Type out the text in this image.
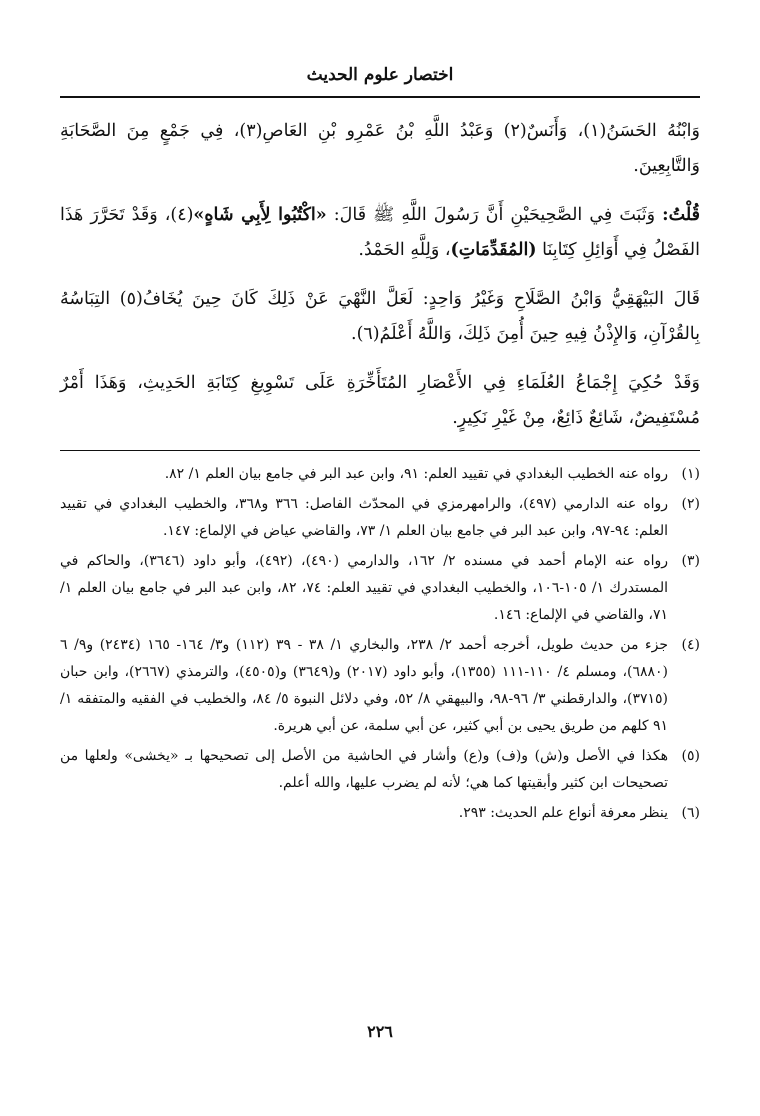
اختصار علوم الحديث

وَابْنُهُ الحَسَنُ(١)، وَأَنَسٌ(٢) وَعَبْدُ اللَّهِ بْنُ عَمْرِو بْنِ العَاصِ(٣)، فِي جَمْعٍ مِنَ الصَّحَابَةِ وَالتَّابِعِينَ.

قُلْتُ: وَثَبَتَ فِي الصَّحِيحَيْنِ أَنَّ رَسُولَ اللَّهِ ﷺ قَالَ: «اكْتُبُوا لِأَبِي شَاهٍ»(٤)، وَقَدْ تَحَرَّرَ هَذَا الفَصْلُ فِي أَوَائِلِ كِتَابِنَا (المُقَدِّمَاتِ)، وَلِلَّهِ الحَمْدُ.

قَالَ البَيْهَقِيُّ وَابْنُ الصَّلَاحِ وَغَيْرُ وَاحِدٍ: لَعَلَّ النَّهْيَ عَنْ ذَلِكَ كَانَ حِينَ يُخَافُ(٥) التِبَاسُهُ بِالقُرْآنِ، وَالإِذْنُ فِيهِ حِينَ أُمِنَ ذَلِكَ، وَاللَّهُ أَعْلَمُ(٦).

وَقَدْ حُكِيَ إِجْمَاعُ العُلَمَاءِ فِي الأَعْصَارِ المُتَأَخِّرَةِ عَلَى تَسْوِيغِ كِتَابَةِ الحَدِيثِ، وَهَذَا أَمْرٌ مُسْتَفِيضٌ، شَائِعٌ ذَائِعٌ، مِنْ غَيْرِ نَكِيرٍ.

(١)
رواه عنه الخطيب البغدادي في تقييد العلم: ٩١، وابن عبد البر في جامع بيان العلم ١/ ٨٢.
(٢)
رواه عنه الدارمي (٤٩٧)، والرامهرمزي في المحدّث الفاصل: ٣٦٦ و٣٦٨، والخطيب البغدادي في تقييد العلم: ٩٤-٩٧، وابن عبد البر في جامع بيان العلم ١/ ٧٣، والقاضي عياض في الإلماع: ١٤٧.
(٣)
رواه عنه الإمام أحمد في مسنده ٢/ ١٦٢، والدارمي (٤٩٠)، (٤٩٢)، وأبو داود (٣٦٤٦)، والحاكم في المستدرك ١/ ١٠٥-١٠٦، والخطيب البغدادي في تقييد العلم: ٧٤، ٨٢، وابن عبد البر في جامع بيان العلم ١/ ٧١، والقاضي في الإلماع: ١٤٦.
(٤)
جزء من حديث طويل، أخرجه أحمد ٢/ ٢٣٨، والبخاري ١/ ٣٨ - ٣٩ (١١٢) و٣/ ١٦٤- ١٦٥ (٢٤٣٤) و٩/ ٦ (٦٨٨٠)، ومسلم ٤/ ١١٠-١١١ (١٣٥٥)، وأبو داود (٢٠١٧) و(٣٦٤٩) و(٤٥٠٥)، والترمذي (٢٦٦٧)، وابن حبان (٣٧١٥)، والدارقطني ٣/ ٩٦-٩٨، والبيهقي ٨/ ٥٢، وفي دلائل النبوة ٥/ ٨٤، والخطيب في الفقيه والمتفقه ١/ ٩١ كلهم من طريق يحيى بن أبي كثير، عن أبي سلمة، عن أبي هريرة.
(٥)
هكذا في الأصل و(ش) و(ف) و(ع) وأشار في الحاشية من الأصل إلى تصحيحها بـ «يخشى» ولعلها من تصحيحات ابن كثير وأبقيتها كما هي؛ لأنه لم يضرب عليها، والله أعلم.
(٦)
ينظر معرفة أنواع علم الحديث: ٢٩٣.
٢٢٦
